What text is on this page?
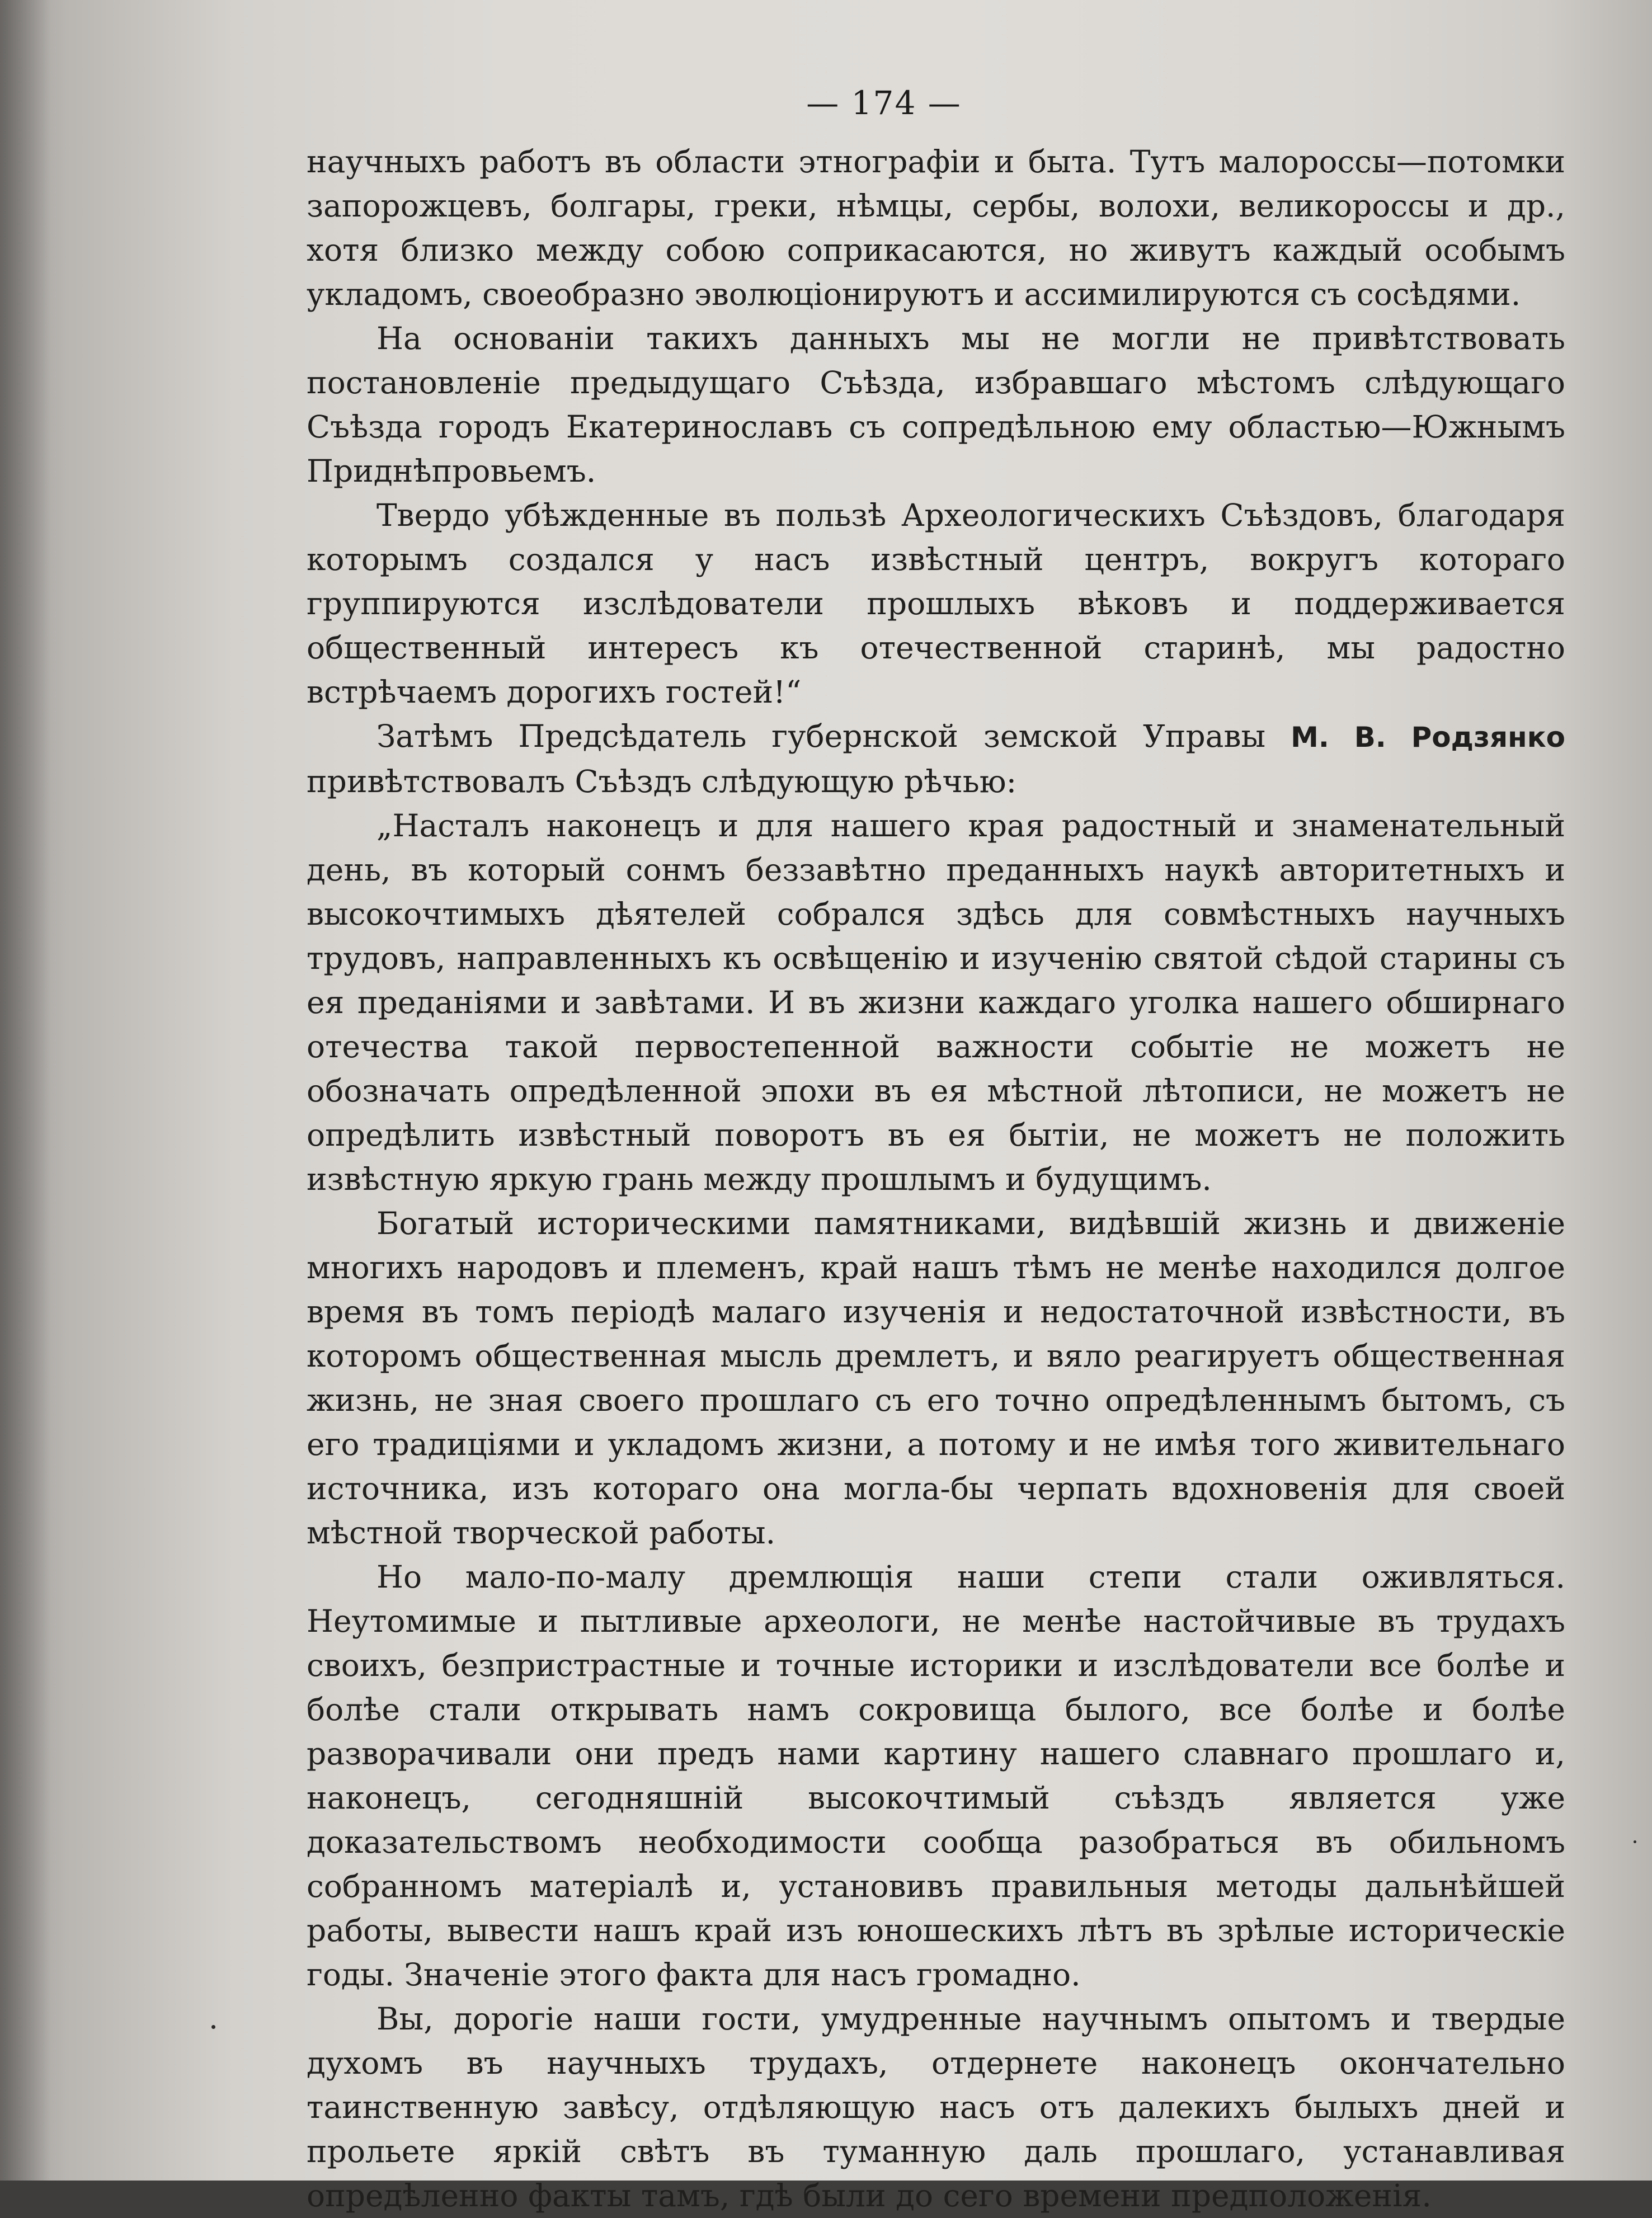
— 174 —

научныхъ работъ въ области этнографіи и быта. Тутъ малороссы—потомки запорожцевъ, болгары, греки, нѣмцы, сербы, волохи, великороссы и др., хотя близко между собою соприкасаются, но живутъ каждый особымъ укладомъ, своеобразно эволюціонируютъ и ассимилируются съ сосѣдями.

На основаніи такихъ данныхъ мы не могли не привѣтствовать постановленіе предыдущаго Съѣзда, избравшаго мѣстомъ слѣдующаго Съѣзда городъ Екатеринославъ съ сопредѣльною ему областью—Южнымъ Приднѣпровьемъ.

Твердо убѣжденные въ пользѣ Археологическихъ Съѣздовъ, благодаря которымъ создался у насъ извѣстный центръ, вокругъ котораго группируются изслѣдователи прошлыхъ вѣковъ и поддерживается общественный интересъ къ отечественной старинѣ, мы радостно встрѣчаемъ дорогихъ гостей!“

Затѣмъ Предсѣдатель губернской земской Управы М. В. Родзянко привѣтствовалъ Съѣздъ слѣдующую рѣчью:

„Насталъ наконецъ и для нашего края радостный и знаменательный день, въ который сонмъ беззавѣтно преданныхъ наукѣ авторитетныхъ и высокочтимыхъ дѣятелей собрался здѣсь для совмѣстныхъ научныхъ трудовъ, направленныхъ къ освѣщенію и изученію святой сѣдой старины съ ея преданіями и завѣтами. И въ жизни каждаго уголка нашего обширнаго отечества такой первостепенной важности событіе не можетъ не обозначать опредѣленной эпохи въ ея мѣстной лѣтописи, не можетъ не опредѣлить извѣстный поворотъ въ ея бытіи, не можетъ не положить извѣстную яркую грань между прошлымъ и будущимъ.

Богатый историческими памятниками, видѣвшій жизнь и движеніе многихъ народовъ и племенъ, край нашъ тѣмъ не менѣе находился долгое время въ томъ періодѣ малаго изученія и недостаточной извѣстности, въ которомъ общественная мысль дремлетъ, и вяло реагируетъ общественная жизнь, не зная своего прошлаго съ его точно опредѣленнымъ бытомъ, съ его традиціями и укладомъ жизни, а потому и не имѣя того живительнаго источника, изъ котораго она могла-бы черпать вдохновенія для своей мѣстной творческой работы.

Но мало-по-малу дремлющія наши степи стали оживляться. Неутомимые и пытливые археологи, не менѣе настойчивые въ трудахъ своихъ, безпристрастные и точные историки и изслѣдователи все болѣе и болѣе стали открывать намъ сокровища былого, все болѣе и болѣе разворачивали они предъ нами картину нашего славнаго прошлаго и, наконецъ, сегодняшній высокочтимый съѣздъ является уже доказательствомъ необходимости сообща разобраться въ обильномъ собранномъ матеріалѣ и, установивъ правильныя методы дальнѣйшей работы, вывести нашъ край изъ юношескихъ лѣтъ въ зрѣлые историческіе годы. Значеніе этого факта для насъ громадно.

Вы, дорогіе наши гости, умудренные научнымъ опытомъ и твердые духомъ въ научныхъ трудахъ, отдернете наконецъ окончательно таинственную завѣсу, отдѣляющую насъ отъ далекихъ былыхъ дней и прольете яркій свѣтъ въ туманную даль прошлаго, устанавливая опредѣленно факты тамъ, гдѣ были до сего времени предположенія.
